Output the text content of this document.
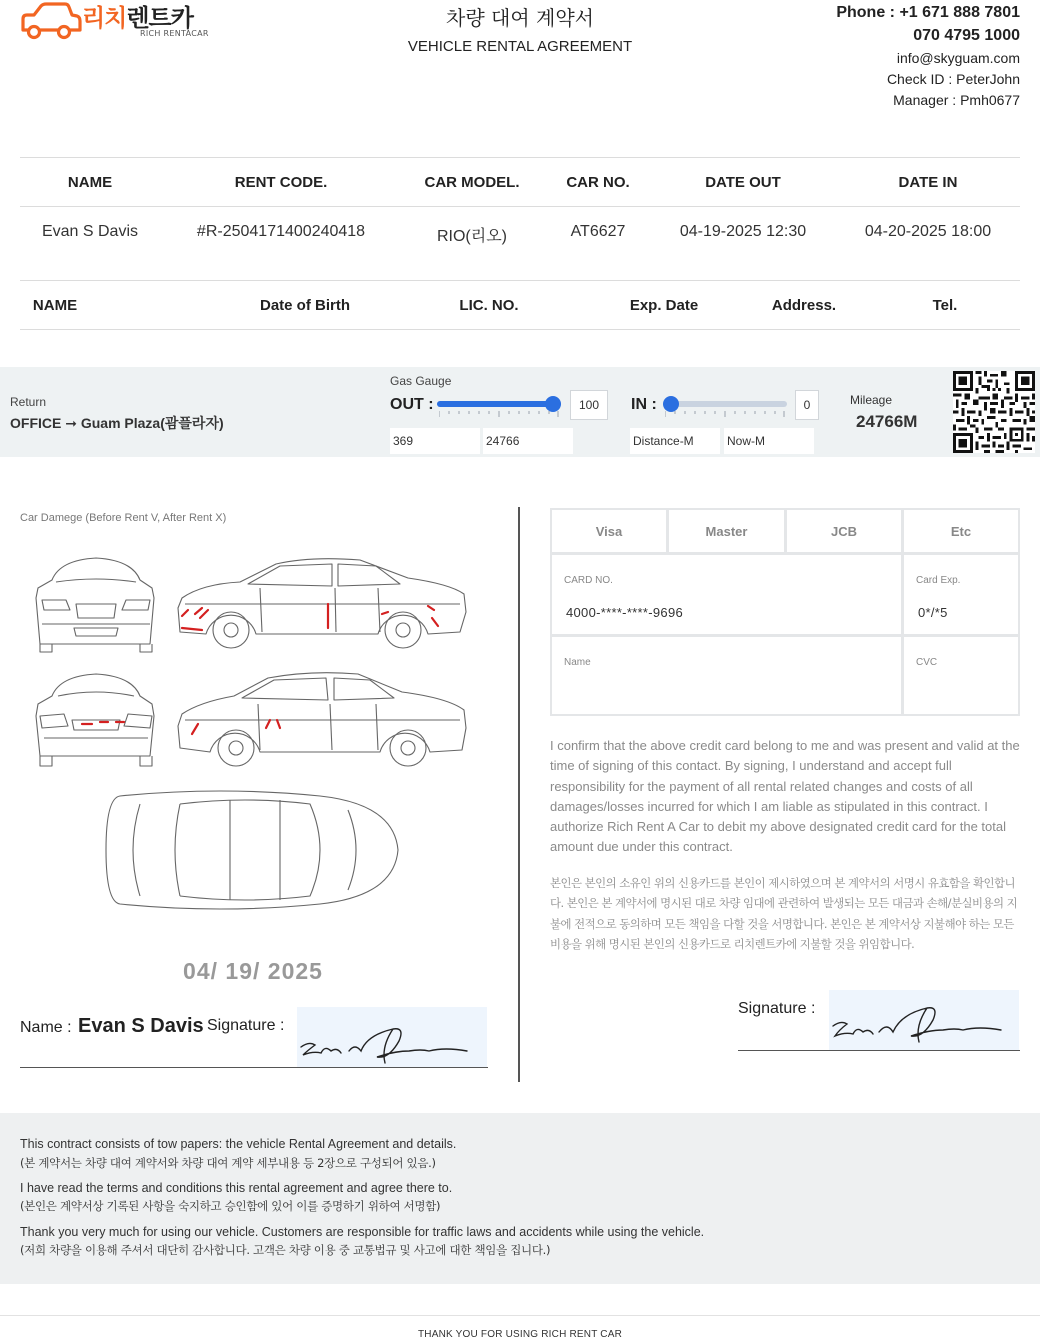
리치렌트카
RICH RENTACAR
차량 대여 계약서
VEHICLE RENTAL AGREEMENT
Phone : +1 671 888 7801
070 4795 1000
info@skyguam.com
Check ID : PeterJohn
Manager : Pmh0677
NAME	RENT CODE.	CAR MODEL.	CAR NO.	DATE OUT	DATE IN
Evan S Davis	#R-2504171400240418	RIO(리오)	AT6627	04-19-2025 12:30	04-20-2025 18:00
NAME	Date of Birth	LIC. NO.	Exp. Date	Address.	Tel.
Return
OFFICE ➞ Guam Plaza(괌플라자)
Gas Gauge
OUT :	100	IN :	0
369	24766	Distance-M	Now-M
Mileage
24766M
Car Damege (Before Rent V, After Rent X)
04/ 19/ 2025
Name : Evan S Davis Signature :
Visa	Master	JCB	Etc
CARD NO.
4000-****-****-9696
Card Exp.
0*/*5
Name	CVC
I confirm that the above credit card belong to me and was present and valid at the time of signing of this contact. By signing, I understand and accept full responsibility for the payment of all rental related changes and costs of all damages/losses incurred for which I am liable as stipulated in this contract. I authorize Rich Rent A Car to debit my above designated credit card for the total amount due under this contract.
본인은 본인의 소유인 위의 신용카드를 본인이 제시하였으며 본 계약서의 서명시 유효함을 확인합니다. 본인은 본 계약서에 명시된 대로 차량 임대에 관련하여 발생되는 모든 대금과 손해/분실비용의 지불에 전적으로 동의하며 모든 책임을 다할 것을 서명합니다. 본인은 본 계약서상 지불해야 하는 모든 비용을 위해 명시된 본인의 신용카드로 리치렌트카에 지불할 것을 위임합니다.
Signature :
This contract consists of tow papers: the vehicle Rental Agreement and details.
(본 계약서는 차량 대여 계약서와 차량 대여 계약 세부내용 등 2장으로 구성되어 있음.)
I have read the terms and conditions this rental agreement and agree there to.
(본인은 계약서상 기록된 사항을 숙지하고 승인함에 있어 이를 증명하기 위하여 서명함)
Thank you very much for using our vehicle. Customers are responsible for traffic laws and accidents while using the vehicle.
(저희 차량을 이용해 주셔서 대단히 감사합니다. 고객은 차량 이용 중 교통법규 및 사고에 대한 책임을 집니다.)
THANK YOU FOR USING RICH RENT CAR
